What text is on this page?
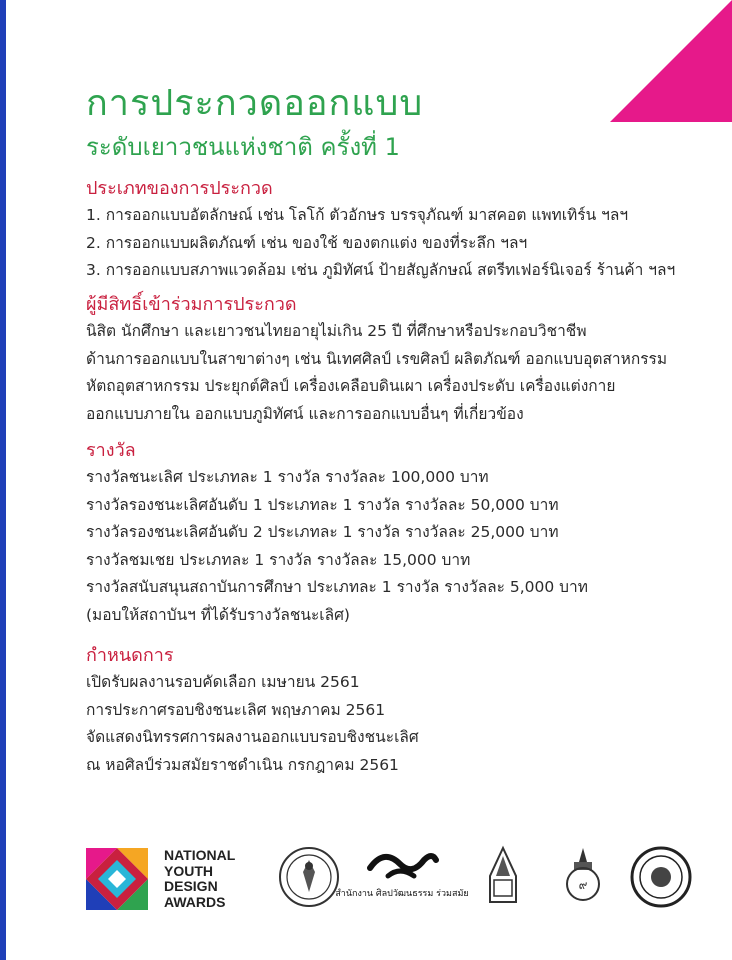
การประกวดออกแบบ
ระดับเยาวชนแห่งชาติ ครั้งที่ 1
ประเภทของการประกวด
1. การออกแบบอัตลักษณ์ เช่น โลโก้ ตัวอักษร บรรจุภัณฑ์ มาสคอต แพทเทิร์น ฯลฯ
2. การออกแบบผลิตภัณฑ์ เช่น ของใช้ ของตกแต่ง ของที่ระลึก ฯลฯ
3. การออกแบบสภาพแวดล้อม เช่น ภูมิทัศน์ ป้ายสัญลักษณ์ สตรีทเฟอร์นิเจอร์ ร้านค้า ฯลฯ
ผู้มีสิทธิ์เข้าร่วมการประกวด
นิสิต นักศึกษา และเยาวชนไทยอายุไม่เกิน 25 ปี ที่ศึกษาหรือประกอบวิชาชีพ
ด้านการออกแบบในสาขาต่างๆ เช่น นิเทศศิลป์ เรขศิลป์ ผลิตภัณฑ์ ออกแบบอุตสาหกรรม
หัตถอุตสาหกรรม ประยุกต์ศิลป์ เครื่องเคลือบดินเผา เครื่องประดับ เครื่องแต่งกาย
ออกแบบภายใน ออกแบบภูมิทัศน์ และการออกแบบอื่นๆ ที่เกี่ยวข้อง
รางวัล
รางวัลชนะเลิศ ประเภทละ 1 รางวัล รางวัลละ 100,000 บาท
รางวัลรองชนะเลิศอันดับ 1 ประเภทละ 1 รางวัล รางวัลละ 50,000 บาท
รางวัลรองชนะเลิศอันดับ 2 ประเภทละ 1 รางวัล รางวัลละ 25,000 บาท
รางวัลชมเชย ประเภทละ 1 รางวัล รางวัลละ 15,000 บาท
รางวัลสนับสนุนสถาบันการศึกษา ประเภทละ 1 รางวัล รางวัลละ 5,000 บาท
(มอบให้สถาบันฯ ที่ได้รับรางวัลชนะเลิศ)
กำหนดการ
เปิดรับผลงานรอบคัดเลือก เมษายน 2561
การประกาศรอบชิงชนะเลิศ พฤษภาคม 2561
จัดแสดงนิทรรศการผลงานออกแบบรอบชิงชนะเลิศ
ณ หอศิลป์ร่วมสมัยราชดำเนิน กรกฎาคม 2561
NATIONAL
YOUTH
DESIGN
AWARDS	สำนักงาน ศิลปวัฒนธรรม ร่วมสมัย
๙
